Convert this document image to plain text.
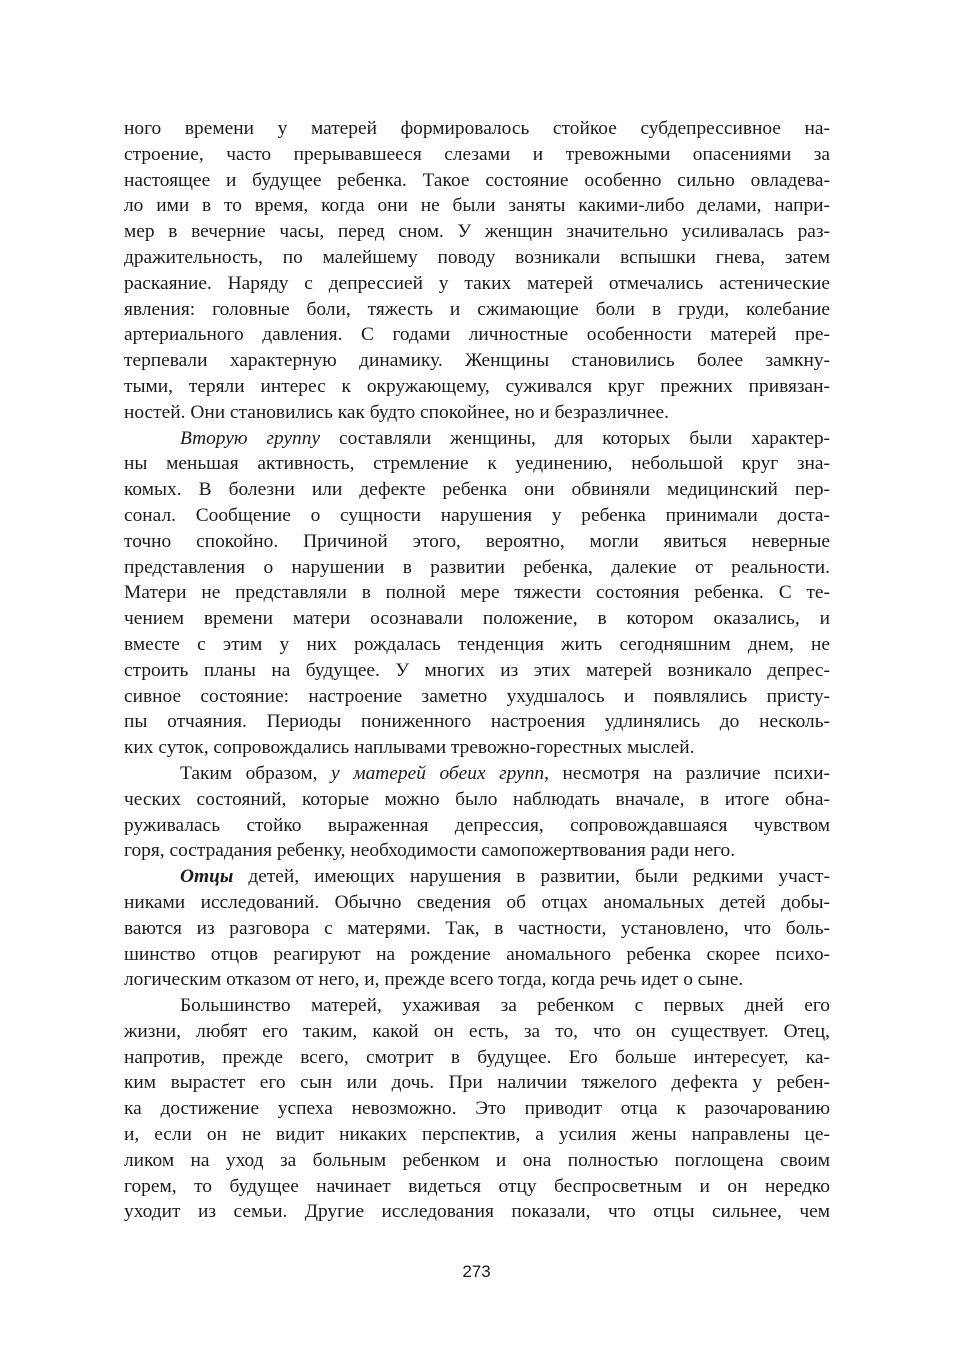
ного времени у матерей формировалось стойкое субдепрессивное на-
строение, часто прерывавшееся слезами и тревожными опасениями за
настоящее и будущее ребенка. Такое состояние особенно сильно овладева-
ло ими в то время, когда они не были заняты какими-либо делами, напри-
мер в вечерние часы, перед сном. У женщин значительно усиливалась раз-
дражительность, по малейшему поводу возникали вспышки гнева, затем
раскаяние. Наряду с депрессией у таких матерей отмечались астенические
явления: головные боли, тяжесть и сжимающие боли в груди, колебание
артериального давления. С годами личностные особенности матерей пре-
терпевали характерную динамику. Женщины становились более замкну-
тыми, теряли интерес к окружающему, суживался круг прежних привязан-
ностей. Они становились как будто спокойнее, но и безразличнее.
Вторую группу составляли женщины, для которых были характер-
ны меньшая активность, стремление к уединению, небольшой круг зна-
комых. В болезни или дефекте ребенка они обвиняли медицинский пер-
сонал. Сообщение о сущности нарушения у ребенка принимали доста-
точно спокойно. Причиной этого, вероятно, могли явиться неверные
представления о нарушении в развитии ребенка, далекие от реальности.
Матери не представляли в полной мере тяжести состояния ребенка. С те-
чением времени матери осознавали положение, в котором оказались, и
вместе с этим у них рождалась тенденция жить сегодняшним днем, не
строить планы на будущее. У многих из этих матерей возникало депрес-
сивное состояние: настроение заметно ухудшалось и появлялись присту-
пы отчаяния. Периоды пониженного настроения удлинялись до несколь-
ких суток, сопровождались наплывами тревожно-горестных мыслей.
Таким образом, у матерей обеих групп, несмотря на различие психи-
ческих состояний, которые можно было наблюдать вначале, в итоге обна-
руживалась стойко выраженная депрессия, сопровождавшаяся чувством
горя, сострадания ребенку, необходимости самопожертвования ради него.
Отцы детей, имеющих нарушения в развитии, были редкими участ-
никами исследований. Обычно сведения об отцах аномальных детей добы-
ваются из разговора с матерями. Так, в частности, установлено, что боль-
шинство отцов реагируют на рождение аномального ребенка скорее психо-
логическим отказом от него, и, прежде всего тогда, когда речь идет о сыне.
Большинство матерей, ухаживая за ребенком с первых дней его
жизни, любят его таким, какой он есть, за то, что он существует. Отец,
напротив, прежде всего, смотрит в будущее. Его больше интересует, ка-
ким вырастет его сын или дочь. При наличии тяжелого дефекта у ребен-
ка достижение успеха невозможно. Это приводит отца к разочарованию
и, если он не видит никаких перспектив, а усилия жены направлены це-
ликом на уход за больным ребенком и она полностью поглощена своим
горем, то будущее начинает видеться отцу беспросветным и он нередко
уходит из семьи. Другие исследования показали, что отцы сильнее, чем
273
